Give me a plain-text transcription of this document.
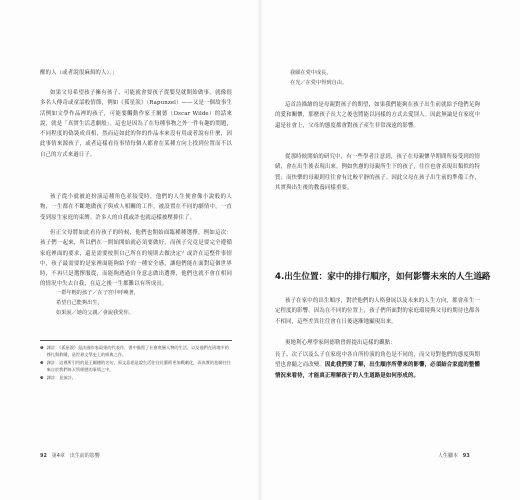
醒的人（或者說很麻煩的人）。」

如果父母希望孩子擁有孩子，可能就會要孩子從嬰兒就開始做事。就像很多名人傳奇或童話般情節，例如《孤星淚》（Rapunzel）——又是一個故事生活例如文學作品裡的孩子，可能要觸動作家王爾德（Oscar Wilde）的話來說，就是「真實生活悲劇般」。這也是因為了在每種事物之外一件有趣的問題，不同程度的偽裝成真相，然而這如此的你的作品本來沒有用或者說有什麼，因此事情來源孩子，或者這樣看待事情每個人都會在某種方向上找到位置而不以自己的方式來過日子。

孩子從小就被迫扮演這種角色並接受時，他們的人生便會像小說般的人物，一生都在不斷地做孩子與成人相關的工作，被設置在不同的劇情中，一直受到原生家庭的束縛。許多人的自我或許也就這樣被壓抑住了。

但正父母將如此看待孩子的時候，他們也開始面臨種種選擇，例如這次：孩子們一起來，所以們在一開始開始就必須要做好，而孩子究竟是要完全遵循家庭裡面的要求，還是需要按照自己所在的規則去做決定？或許在這整件事情中，孩子最需要的是家裡面能夠給予的一種安全感，讓他們能在面對這個世界時，不再只是選擇服從，而能夠透過自身意志做出選擇，他們也就不會在相同的情況中失去自我，在這之後一生都難以有所成長。

一群年輕的孩子／在子宮中呼喚著，
希望自己能夠出生，
如果說／她的父親／會說我愛你。
❶ 譯註：《孤星淚》是法國作家雨果的代表作，書中描寫了社會底層人物的生活，以及他們在困境中的掙扎與救贖，是世界文學史上的經典之作。
❷ 譯註：這裡所引用的是王爾德的名句，原文意思是說生活往往比藝術更加戲劇化，而真實的悲劇往往來自於我們每天所經歷的事情之中。
❸ 譯註：見前註。
92 第4章 出生前的影響
我願在愛中成長，
在光／在愛中得到自由。

這首詩描繪的是母親對孩子的期望，如果我們能夠在孩子出生前就給予他們足夠的愛和關懷，那麼孩子長大之後也將能以同樣的方式去愛別人。因此無論是在家庭中還是社會上，父母的態度都會對孩子產生非常深遠的影響。

從那時候開始的研究中，有一些學者注意到，孩子在母親懷孕期間所接受到的情緒，會在出生後表現出來。例如焦慮的母親所生下的孩子，往往也會表現出類似的特質；而快樂的母親則往往會有比較平靜的孩子。因此父母在孩子出生前的準備工作，其實與出生後的教養同樣重要。

4.出生位置：家中的排行順序，如何影響未來的人生道路

孩子在家中的出生順序，對於他們的人格發展以及未來的人生方向，都會產生一定程度的影響。因為在不同的位置上，孩子們所面對的家庭環境與父母的期待也都各不相同，這些差異往往會在日後逐漸地顯現出來。

奧地利心理學家阿德勒曾經提出這樣的觀點：

長子、次子以及么子在家庭中各自所扮演的角色是不同的，而父母對他們的態度與期望也會隨之而改變。因此我們要了解，出生順序所帶來的影響，必須結合家庭的整體情況來看待，才能真正理解孩子的人生道路是如何形成的。

人生腳本 93
